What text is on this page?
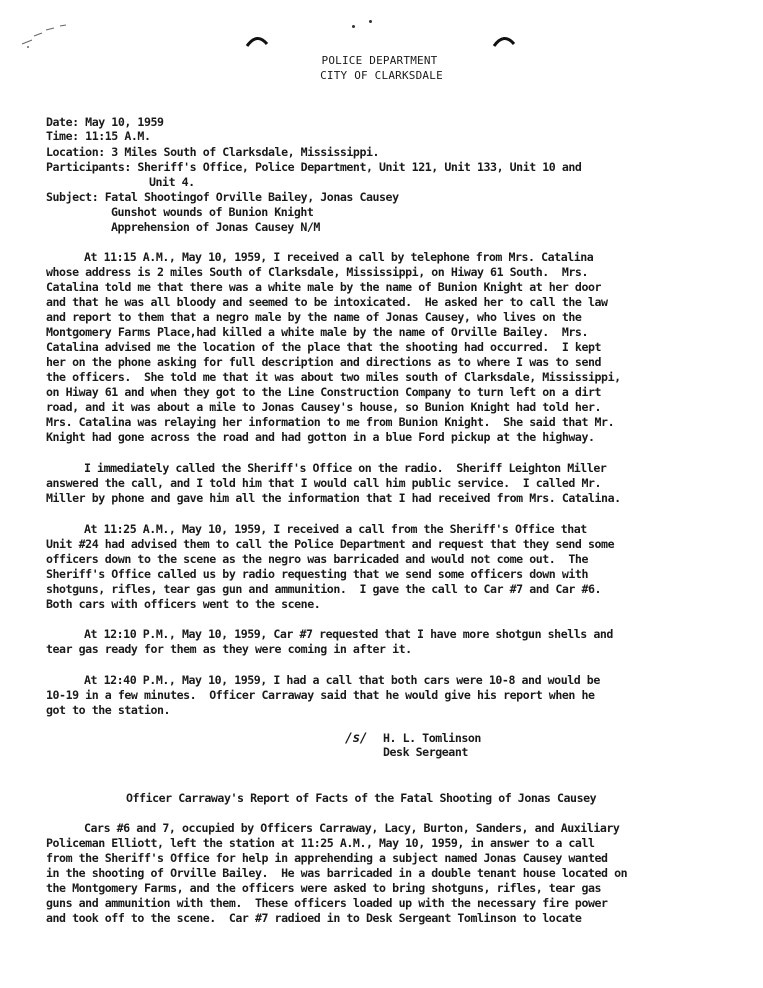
POLICE DEPARTMENT
CITY OF CLARKSDALE
Date: May 10, 1959
Time: 11:15 A.M.
Location: 3 Miles South of Clarksdale, Mississippi.
Participants: Sheriff's Office, Police Department, Unit 121, Unit 133, Unit 10 and
Unit 4.
Subject: Fatal Shootingof Orville Bailey, Jonas Causey
Gunshot wounds of Bunion Knight
Apprehension of Jonas Causey N/M
At 11:15 A.M., May 10, 1959, I received a call by telephone from Mrs. Catalina
whose address is 2 miles South of Clarksdale, Mississippi, on Hiway 61 South.  Mrs.
Catalina told me that there was a white male by the name of Bunion Knight at her door
and that he was all bloody and seemed to be intoxicated.  He asked her to call the law
and report to them that a negro male by the name of Jonas Causey, who lives on the
Montgomery Farms Place,had killed a white male by the name of Orville Bailey.  Mrs.
Catalina advised me the location of the place that the shooting had occurred.  I kept
her on the phone asking for full description and directions as to where I was to send
the officers.  She told me that it was about two miles south of Clarksdale, Mississippi,
on Hiway 61 and when they got to the Line Construction Company to turn left on a dirt
road, and it was about a mile to Jonas Causey's house, so Bunion Knight had told her.
Mrs. Catalina was relaying her information to me from Bunion Knight.  She said that Mr.
Knight had gone across the road and had gotton in a blue Ford pickup at the highway.
I immediately called the Sheriff's Office on the radio.  Sheriff Leighton Miller
answered the call, and I told him that I would call him public service.  I called Mr.
Miller by phone and gave him all the information that I had received from Mrs. Catalina.
At 11:25 A.M., May 10, 1959, I received a call from the Sheriff's Office that
Unit #24 had advised them to call the Police Department and request that they send some
officers down to the scene as the negro was barricaded and would not come out.  The
Sheriff's Office called us by radio requesting that we send some officers down with
shotguns, rifles, tear gas gun and ammunition.  I gave the call to Car #7 and Car #6.
Both cars with officers went to the scene.
At 12:10 P.M., May 10, 1959, Car #7 requested that I have more shotgun shells and
tear gas ready for them as they were coming in after it.
At 12:40 P.M., May 10, 1959, I had a call that both cars were 10-8 and would be
10-19 in a few minutes.  Officer Carraway said that he would give his report when he
got to the station.
/s/ H. L. Tomlinson
Desk Sergeant
Officer Carraway's Report of Facts of the Fatal Shooting of Jonas Causey
Cars #6 and 7, occupied by Officers Carraway, Lacy, Burton, Sanders, and Auxiliary
Policeman Elliott, left the station at 11:25 A.M., May 10, 1959, in answer to a call
from the Sheriff's Office for help in apprehending a subject named Jonas Causey wanted
in the shooting of Orville Bailey.  He was barricaded in a double tenant house located on
the Montgomery Farms, and the officers were asked to bring shotguns, rifles, tear gas
guns and ammunition with them.  These officers loaded up with the necessary fire power
and took off to the scene.  Car #7 radioed in to Desk Sergeant Tomlinson to locate
